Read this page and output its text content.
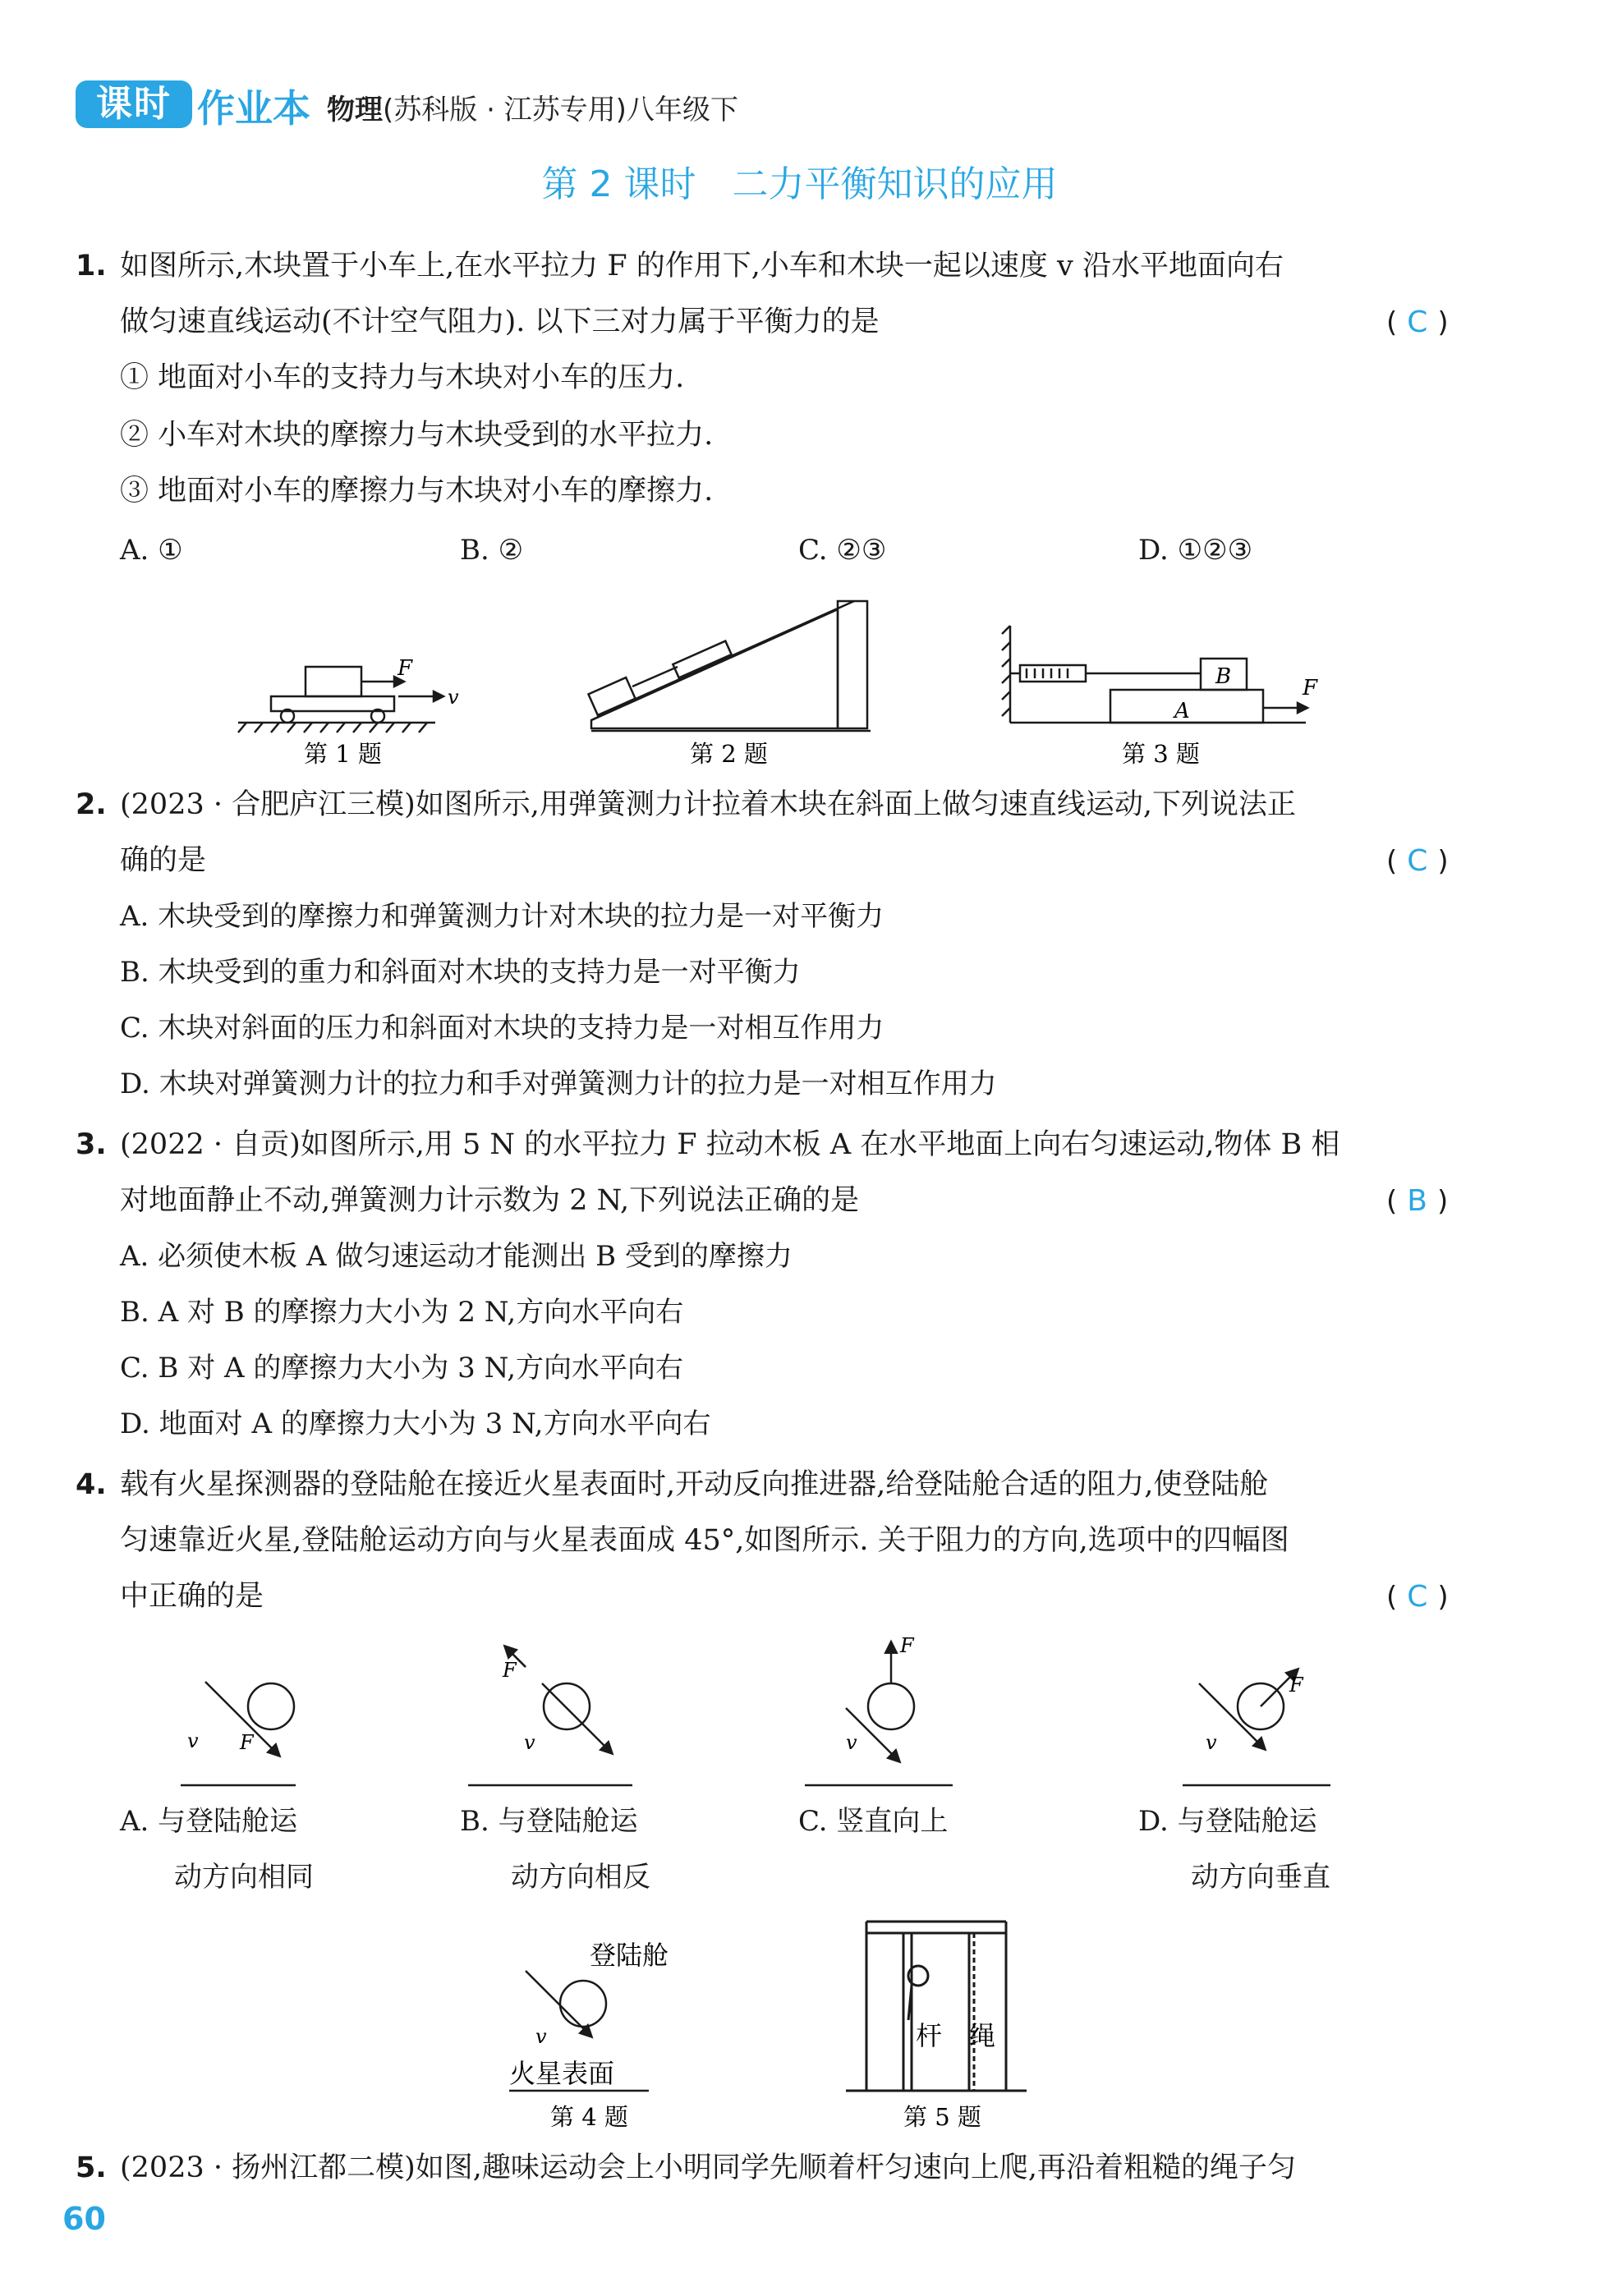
课时 作业本 物理(苏科版 · 江苏专用)八年级下
第 2 课时　二力平衡知识的应用
1. 如图所示,木块置于小车上,在水平拉力 F 的作用下,小车和木块一起以速度 v 沿水平地面向右
做匀速直线运动(不计空气阻力). 以下三对力属于平衡力的是	( C )
① 地面对小车的支持力与木块对小车的压力.
② 小车对木块的摩擦力与木块受到的水平拉力.
③ 地面对小车的摩擦力与木块对小车的摩擦力.
A. ①	B. ②	C. ②③	D. ①②③
F
v
第 1 题	第 2 题
B
A
F
第 3 题
2. (2023 · 合肥庐江三模)如图所示,用弹簧测力计拉着木块在斜面上做匀速直线运动,下列说法正
确的是	( C )
A. 木块受到的摩擦力和弹簧测力计对木块的拉力是一对平衡力
B. 木块受到的重力和斜面对木块的支持力是一对平衡力
C. 木块对斜面的压力和斜面对木块的支持力是一对相互作用力
D. 木块对弹簧测力计的拉力和手对弹簧测力计的拉力是一对相互作用力
3. (2022 · 自贡)如图所示,用 5 N 的水平拉力 F 拉动木板 A 在水平地面上向右匀速运动,物体 B 相
对地面静止不动,弹簧测力计示数为 2 N,下列说法正确的是	( B )
A. 必须使木板 A 做匀速运动才能测出 B 受到的摩擦力
B. A 对 B 的摩擦力大小为 2 N,方向水平向右
C. B 对 A 的摩擦力大小为 3 N,方向水平向右
D. 地面对 A 的摩擦力大小为 3 N,方向水平向右
4. 载有火星探测器的登陆舱在接近火星表面时,开动反向推进器,给登陆舱合适的阻力,使登陆舱
匀速靠近火星,登陆舱运动方向与火星表面成 45°,如图所示. 关于阻力的方向,选项中的四幅图
中正确的是	( C )
v F
F
v
F
v
F
v
A. 与登陆舱运
动方向相同
B. 与登陆舱运
动方向相反
C. 竖直向上	D. 与登陆舱运
动方向垂直
登陆舱
v
火星表面
第 4 题
杆 绳
第 5 题
5. (2023 · 扬州江都二模)如图,趣味运动会上小明同学先顺着杆匀速向上爬,再沿着粗糙的绳子匀
60
